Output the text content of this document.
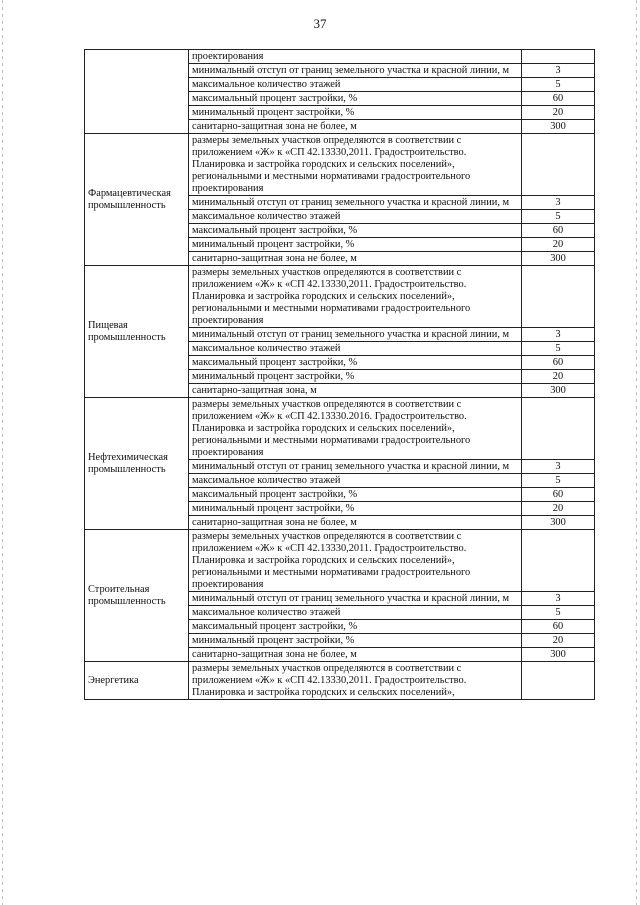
37
	проектирования	
	минимальный отступ от границ земельного участка и красной линии, м	3
	максимальное количество этажей	5
	максимальный процент застройки, %	60
	минимальный процент застройки, %	20
	санитарно-защитная зона не более, м	300
Фармацевтическая промышленность	размеры земельных участков определяются в соответствии с приложением «Ж» к «СП 42.13330,2011. Градостроительство. Планировка и застройка городских и сельских поселений», региональными и местными нормативами градостроительного проектирования	
	минимальный отступ от границ земельного участка и красной линии, м	3
	максимальное количество этажей	5
	максимальный процент застройки, %	60
	минимальный процент застройки, %	20
	санитарно-защитная зона не более, м	300
Пищевая промышленность	размеры земельных участков определяются в соответствии с приложением «Ж» к «СП 42.13330,2011. Градостроительство. Планировка и застройка городских и сельских поселений», региональными и местными нормативами градостроительного проектирования	
	минимальный отступ от границ земельного участка и красной линии, м	3
	максимальное количество этажей	5
	максимальный процент застройки, %	60
	минимальный процент застройки, %	20
	санитарно-защитная зона, м	300
Нефтехимическая промышленность	размеры земельных участков определяются в соответствии с приложением «Ж» к «СП 42.13330.2016. Градостроительство. Планировка и застройка городских и сельских поселений», региональными и местными нормативами градостроительного проектирования	
	минимальный отступ от границ земельного участка и красной линии, м	3
	максимальное количество этажей	5
	максимальный процент застройки, %	60
	минимальный процент застройки, %	20
	санитарно-защитная зона не более, м	300
Строительная промышленность	размеры земельных участков определяются в соответствии с приложением «Ж» к «СП 42.13330,2011. Градостроительство. Планировка и застройка городских и сельских поселений», региональными и местными нормативами градостроительного проектирования	
	минимальный отступ от границ земельного участка и красной линии, м	3
	максимальное количество этажей	5
	максимальный процент застройки, %	60
	минимальный процент застройки, %	20
	санитарно-защитная зона не более, м	300
Энергетика	размеры земельных участков определяются в соответствии с приложением «Ж» к «СП 42.13330,2011. Градостроительство. Планировка и застройка городских и сельских поселений»,	
